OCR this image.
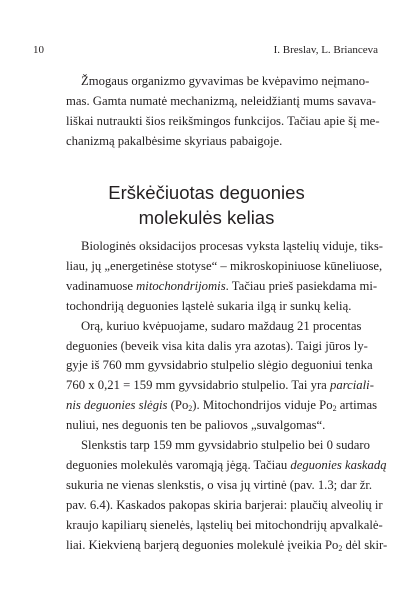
10	I. Breslav, L. Brianceva
Žmogaus organizmo gyvavimas be kvėpavimo neįmano-
mas. Gamta numatė mechanizmą, neleidžiantį mums savava-
liškai nutraukti šios reikšmingos funkcijos. Tačiau apie šį me-
chanizmą pakalbėsime skyriaus pabaigoje.
Erškėčiuotas deguonies
molekulės kelias
Biologinės oksidacijos procesas vyksta ląstelių viduje, tiks-
liau, jų „energetinėse stotyse“ – mikroskopiniuose kūneliuose,
vadinamuose mitochondrijomis. Tačiau prieš pasiekdama mi-
tochondriją deguonies ląstelė sukaria ilgą ir sunkų kelią.
Orą, kuriuo kvėpuojame, sudaro maždaug 21 procentas
deguonies (beveik visa kita dalis yra azotas). Taigi jūros ly-
gyje iš 760 mm gyvsidabrio stulpelio slėgio deguoniui tenka
760 x 0,21 = 159 mm gyvsidabrio stulpelio. Tai yra parciali-
nis deguonies slėgis $(Po_2)$. Mitochondrijos viduje $Po_2$ artimas
nuliui, nes deguonis ten be paliovos „suvalgomas“.
Slenkstis tarp 159 mm gyvsidabrio stulpelio bei 0 sudaro
deguonies molekulės varomąją jėgą. Tačiau deguonies kaskadą
sukuria ne vienas slenkstis, o visa jų virtinė (pav. 1.3; dar žr.
pav. 6.4). Kaskados pakopas skiria barjerai: plaučių alveolių ir
kraujo kapiliarų sienelės, ląstelių bei mitochondrijų apvalkalė-
liai. Kiekvieną barjerą deguonies molekulė įveikia $Po_2$ dėl skir-
